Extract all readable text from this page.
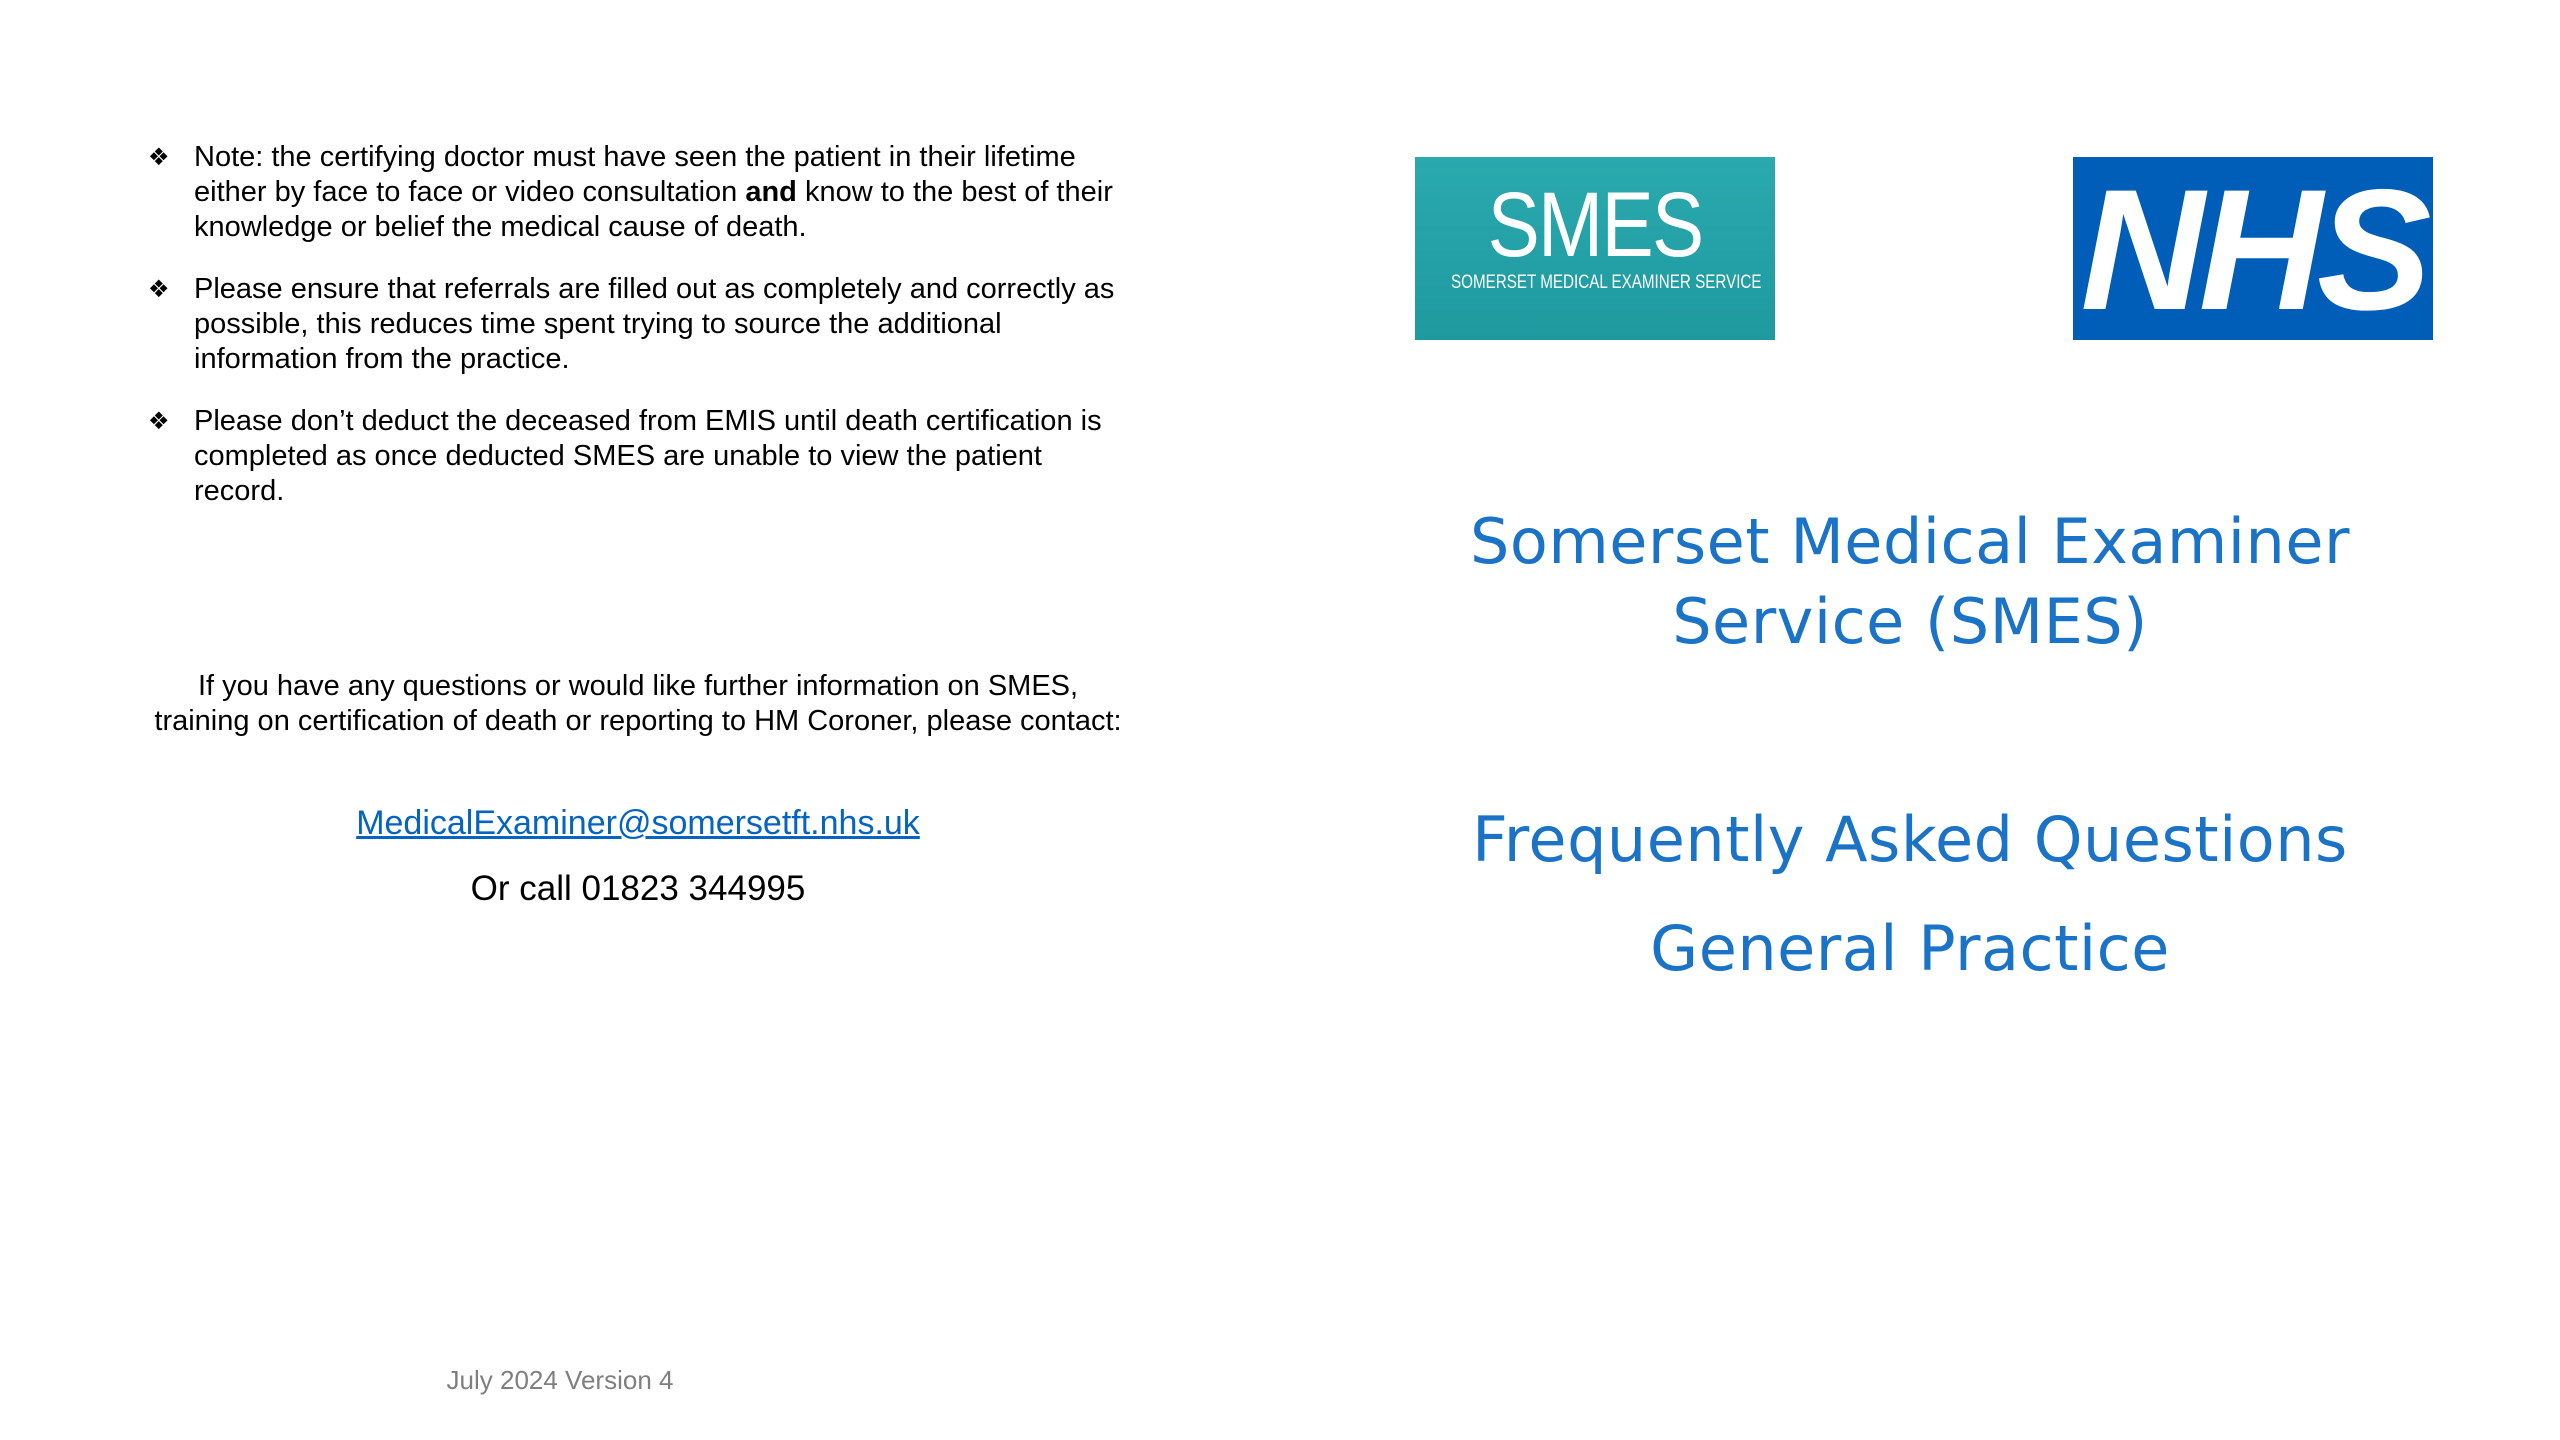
❖ Note: the certifying doctor must have seen the patient in their lifetime either by face to face or video consultation and know to the best of their knowledge or belief the medical cause of death.
❖ Please ensure that referrals are filled out as completely and correctly as possible, this reduces time spent trying to source the additional information from the practice.
❖ Please don’t deduct the deceased from EMIS until death certification is completed as once deducted SMES are unable to view the patient record.
If you have any questions or would like further information on SMES, training on certification of death or reporting to HM Coroner, please contact:
MedicalExaminer@somersetft.nhs.uk
Or call 01823 344995
July 2024 Version 4
SMES
SOMERSET MEDICAL EXAMINER SERVICE NHS
Somerset Medical Examiner
Service (SMES)
Frequently Asked Questions
General Practice
